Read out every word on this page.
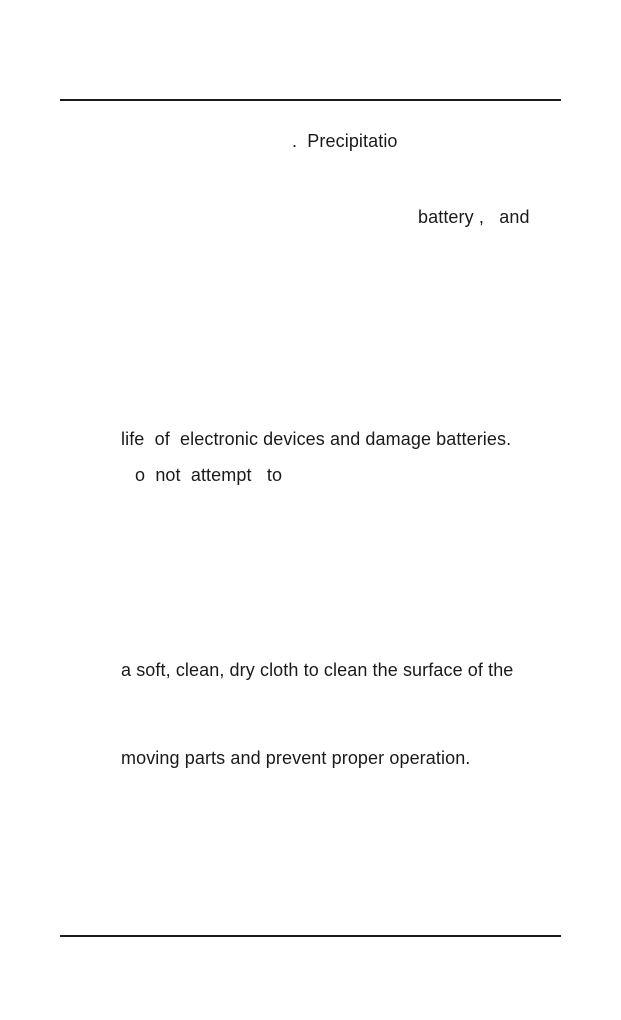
.  Precipitatio
battery ,   and
life  of  electronic devices and damage batteries.
o  not  attempt   to
a soft, clean, dry cloth to clean the surface of the
moving parts and prevent proper operation.
